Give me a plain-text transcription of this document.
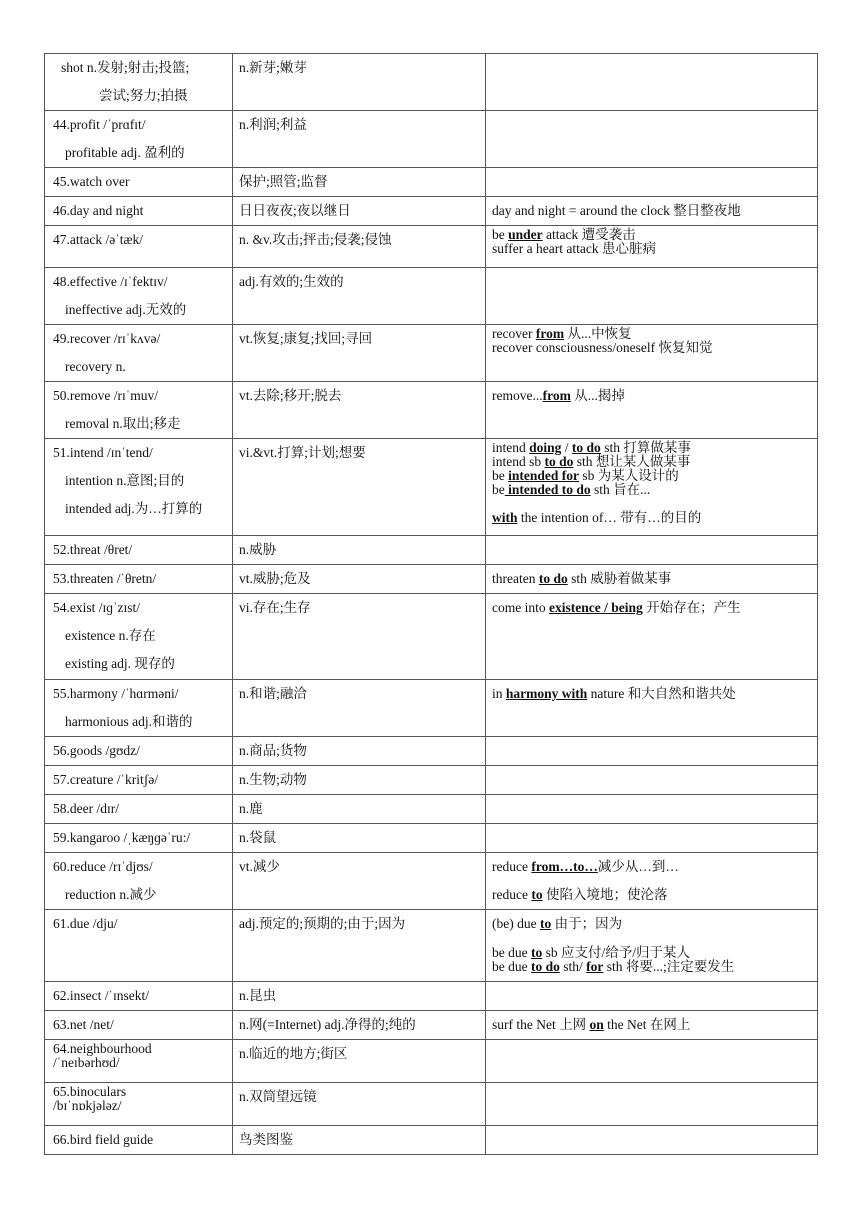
shot n.发射;射击;投篮;
尝试;努力;拍摄	n.新芽;嫩芽	

44.profit /ˈprɑfɪt/
profitable adj. 盈利的	n.利润;利益	

45.watch over	保护;照管;监督	

46.day and night	日日夜夜;夜以继日	day and night = around the clock 整日整夜地

47.attack /əˈtæk/	n. &v.攻击;抨击;侵袭;侵蚀	be under attack 遭受袭击
suffer a heart attack 患心脏病

48.effective /ɪˈfektɪv/
ineffective adj.无效的	adj.有效的;生效的	

49.recover /rɪˈkʌvə/
recovery n.	vt.恢复;康复;找回;寻回	recover from 从...中恢复
recover consciousness/oneself 恢复知觉

50.remove /rɪˈmuv/
removal n.取出;移走	vt.去除;移开;脱去	remove...from 从...揭掉

51.intend /ɪnˈtend/
intention n.意图;目的
intended adj.为…打算的	vi.&vt.打算;计划;想要	intend doing / to do sth 打算做某事
intend sb to do sth 想让某人做某事
be intended for sb 为某人设计的
be intended to do sth 旨在...
with the intention of… 带有…的目的

52.threat /θret/	n.威胁	

53.threaten /ˈθretn/	vt.威胁;危及	threaten to do sth 威胁着做某事

54.exist /ɪɡˈzɪst/
existence n.存在
existing adj. 现存的	vi.存在;生存	come into existence / being 开始存在；产生

55.harmony /ˈhɑrməni/
harmonious adj.和谐的	n.和谐;融洽	in harmony with nature 和大自然和谐共处

56.goods /gʊdz/	n.商品;货物	

57.creature /ˈkritʃə/	n.生物;动物	

58.deer /dɪr/	n.鹿	

59.kangaroo /ˌkæŋɡəˈru:/	n.袋鼠	

60.reduce /rɪˈdjʊs/
reduction n.减少	vt.减少	reduce from…to…减少从…到…
reduce to 使陷入境地；使沦落

61.due /dju/	adj.预定的;预期的;由于;因为	(be) due to 由于；因为
be due to sb 应支付/给予/归于某人
be due to do sth/ for sth 将要...;注定要发生

62.insect /ˈɪnsekt/	n.昆虫	

63.net /net/	n.网(=Internet) adj.净得的;纯的	surf the Net 上网 on the Net 在网上

64.neighbourhood
/ˈneɪbərhʊd/	n.临近的地方;街区	

65.binoculars
/bɪˈnɒkjələz/	n.双筒望远镜	

66.bird field guide	鸟类图鉴	
